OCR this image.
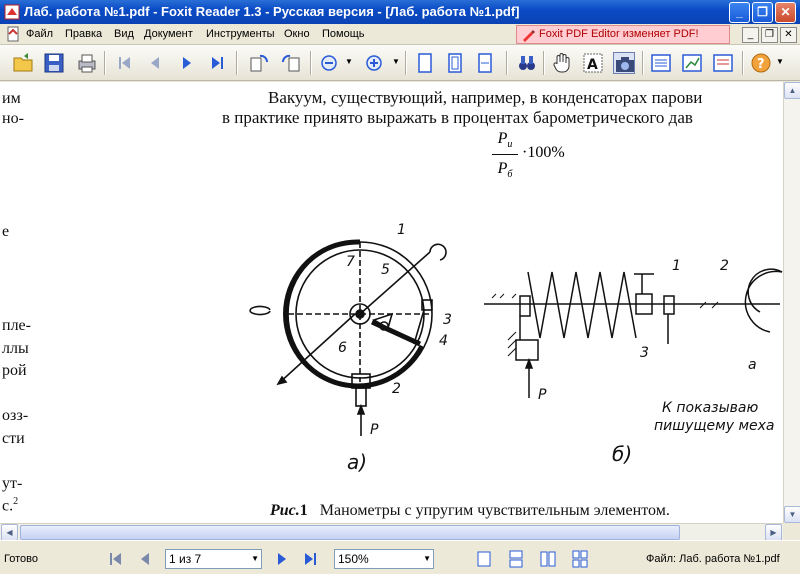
Лаб. работа №1.pdf - Foxit Reader 1.3 - Русская версия - [Лаб. работа №1.pdf]	_	❐	✕
Файл Правка Вид Документ Инструменты Окно Помощь	Foxit PDF Editor изменяет PDF!	_	❐	✕
▼	▼	A	? ▼
им
но-
е
пле-
ллы
рой
озз-
сти
ут-
с.$^2$
Вакуум, существующий, например, в конденсаторах парови
в практике принято выражать в процентах барометрического дав
$P_и$
$P_б$
·100%
1
7 5
3
4
6
2
P
а)
1	2
3
P
б)
а
К показываю
пишущему меха
Рис.1 Манометры с упругим чувствительным элементом.
▲
▼
◀	▶
Готово	1 из 7	▼	150%	▼	Файл: Лаб. работа №1.pdf
